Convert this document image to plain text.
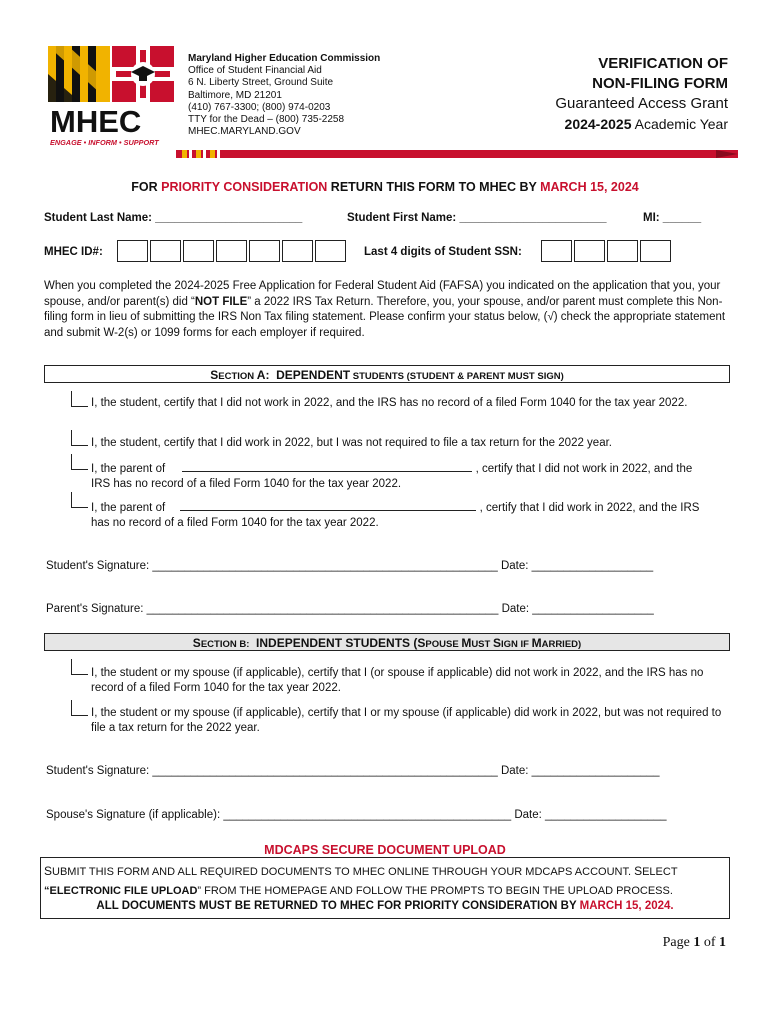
MHEC
ENGAGE • INFORM • SUPPORT
Maryland Higher Education Commission
Office of Student Financial Aid
6 N. Liberty Street, Ground Suite
Baltimore, MD 21201
(410) 767-3300; (800) 974-0203
TTY for the Dead – (800) 735-2258
MHEC.MARYLAND.GOV
VERIFICATION OF
NON-FILING FORM
Guaranteed Access Grant
2024-2025 Academic Year
FOR PRIORITY CONSIDERATION RETURN THIS FORM TO MHEC BY MARCH 15, 2024
Student Last Name: _______________________	Student First Name: _______________________	MI: ______
MHEC ID#:	Last 4 digits of Student SSN:
When you completed the 2024-2025 Free Application for Federal Student Aid (FAFSA) you indicated on the application that you, your spouse, and/or parent(s) did “NOT FILE” a 2022 IRS Tax Return. Therefore, you, your spouse, and/or parent must complete this Non-filing form in lieu of submitting the IRS Non Tax filing statement. Please confirm your status below, (√) check the appropriate statement and submit W-2(s) or 1099 forms for each employer if required.
SECTION A: DEPENDENT STUDENTS (STUDENT & PARENT MUST SIGN)
I, the student, certify that I did not work in 2022, and the IRS has no record of a filed Form 1040 for the tax year 2022.
I, the student, certify that I did work in 2022, but I was not required to file a tax return for the 2022 year.
I, the parent of	, certify that I did not work in 2022, and the
IRS has no record of a filed Form 1040 for the tax year 2022.
I, the parent of	, certify that I did work in 2022, and the IRS
has no record of a filed Form 1040 for the tax year 2022.
Student's Signature: ______________________________________________________ Date: ___________________
Parent's Signature: _______________________________________________________ Date: ___________________
SECTION B: INDEPENDENT STUDENTS (SPOUSE MUST SIGN IF MARRIED)
I, the student or my spouse (if applicable), certify that I (or spouse if applicable) did not work in 2022, and the IRS has no record of a filed Form 1040 for the tax year 2022.
I, the student or my spouse (if applicable), certify that I or my spouse (if applicable) did work in 2022, but was not required to file a tax return for the 2022 year.
Student's Signature: ______________________________________________________ Date: ____________________
Spouse's Signature (if applicable): _____________________________________________ Date: ___________________
MDCAPS SECURE DOCUMENT UPLOAD
SUBMIT THIS FORM AND ALL REQUIRED DOCUMENTS TO MHEC ONLINE THROUGH YOUR MDCAPS ACCOUNT. SELECT
“ELECTRONIC FILE UPLOAD” FROM THE HOMEPAGE AND FOLLOW THE PROMPTS TO BEGIN THE UPLOAD PROCESS.
ALL DOCUMENTS MUST BE RETURNED TO MHEC FOR PRIORITY CONSIDERATION BY MARCH 15, 2024.
Page 1 of 1
